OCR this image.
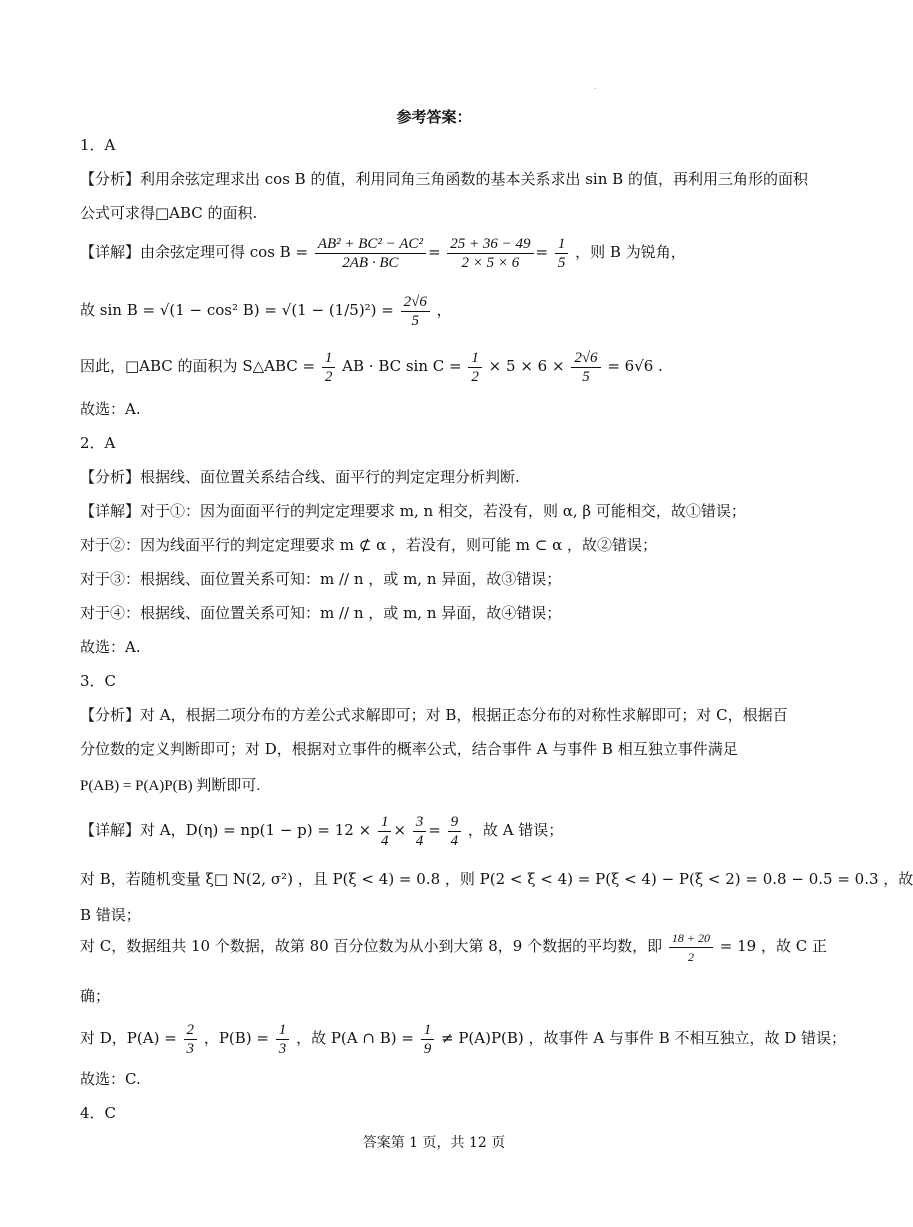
.
参考答案：
1．A
【分析】利用余弦定理求出 cos B 的值，利用同角三角函数的基本关系求出 sin B 的值，再利用三角形的面积
公式可求得□ABC 的面积.
【详解】由余弦定理可得 $\cos B = \frac{\text{AB² + BC² − AC²}}{2AB \cdot BC} = \frac{25 + 36 - 49}{2 \times 5 \times 6} = \frac{1}{5}$ ，则 B 为锐角，
故 sin B = √(1 − cos² $B) = √(1 - (1/5)^2) = \frac{2√6}{5}$ ，
因此，□ABC 的面积为 S△ABC = $\frac{1}{2}$ AB · BC $\sin C = \frac{1}{2} \times 5 \times 6 \times \frac{2√6}{5} = 6√6$ .
故选：A.
2．A
【分析】根据线、面位置关系结合线、面平行的判定定理分析判断.
【详解】对于①：因为面面平行的判定定理要求 m, n 相交，若没有，则 α, β 可能相交，故①错误；
对于②：因为线面平行的判定定理要求 m ⊄ α ，若没有，则可能 m ⊂ α ，故②错误；
对于③：根据线、面位置关系可知：m // n ，或 m, n 异面，故③错误；
对于④：根据线、面位置关系可知：m // n ，或 m, n 异面，故④错误；
故选：A.
3．C
【分析】对 A，根据二项分布的方差公式求解即可；对 B，根据正态分布的对称性求解即可；对 C，根据百
分位数的定义判断即可；对 D，根据对立事件的概率公式，结合事件 A 与事件 B 相互独立事件满足
P(AB) = P(A)P(B) 判断即可.
【详解】对 A，$D(\eta) = np(1 - p) = 12 \times \frac{1}{4} \times \frac{3}{4} = \frac{9}{4}$ ，故 A 错误；
对 B，若随机变量 ξ□ N(2, σ²) ，且 P(ξ < 4) = 0.8 ，则 P(2 < ξ < 4) = P(ξ < 4) − P(ξ < 2) = 0.8 − 0.5 = 0.3 ，故
B 错误；
对 C，数据组共 10 个数据，故第 80 百分位数为从小到大第 8，9 个数据的平均数，即 $\frac{18 + 20}{2} = 19$ ，故 C 正
确；
对 D，$P(A) = \frac{2}{3}$ ，$P(B) = \frac{1}{3}$ ，故 P(A ∩ $B) = \frac{1}{9} \ne P(A)P(B)$ ，故事件 A 与事件 B 不相互独立，故 D 错误；
故选：C.
4．C
答案第 1 页，共 12 页
